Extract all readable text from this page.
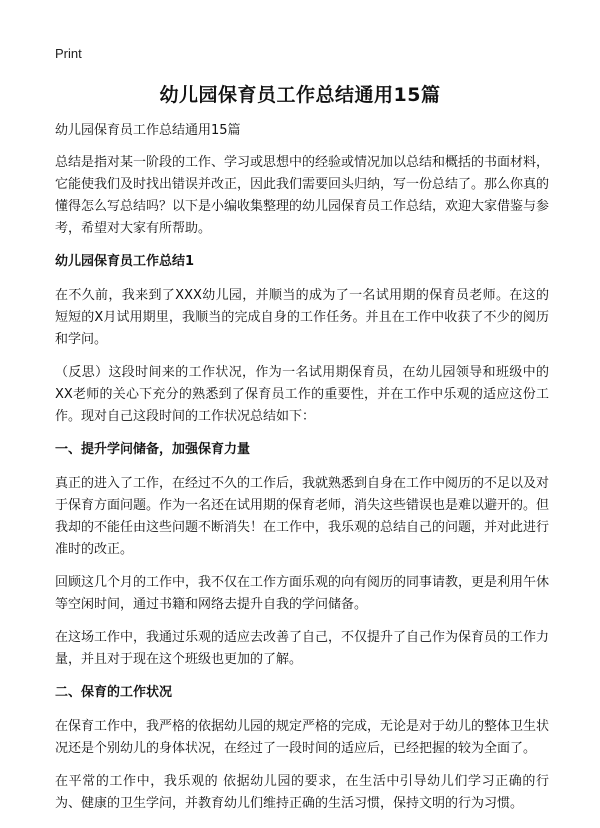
Print
幼儿园保育员工作总结通用15篇

幼儿园保育员工作总结通用15篇

总结是指对某一阶段的工作、学习或思想中的经验或情况加以总结和概括的书面材料，它能使我们及时找出错误并改正，因此我们需要回头归纳，写一份总结了。那么你真的懂得怎么写总结吗？以下是小编收集整理的幼儿园保育员工作总结，欢迎大家借鉴与参考，希望对大家有所帮助。

幼儿园保育员工作总结1

在不久前，我来到了XXX幼儿园，并顺当的成为了一名试用期的保育员老师。在这的短短的X月试用期里，我顺当的完成自身的工作任务。并且在工作中收获了不少的阅历和学问。

（反思）这段时间来的工作状况，作为一名试用期保育员，在幼儿园领导和班级中的XX老师的关心下充分的熟悉到了保育员工作的重要性，并在工作中乐观的适应这份工作。现对自己这段时间的工作状况总结如下：

一、提升学问储备，加强保育力量

真正的进入了工作，在经过不久的工作后，我就熟悉到自身在工作中阅历的不足以及对于保育方面问题。作为一名还在试用期的保育老师，消失这些错误也是难以避开的。但我却的不能任由这些问题不断消失！在工作中，我乐观的总结自己的问题，并对此进行准时的改正。

回顾这几个月的工作中，我不仅在工作方面乐观的向有阅历的同事请教，更是利用午休等空闲时间，通过书籍和网络去提升自我的学问储备。

在这场工作中，我通过乐观的适应去改善了自己，不仅提升了自己作为保育员的工作力量，并且对于现在这个班级也更加的了解。

二、保育的工作状况

在保育工作中，我严格的依据幼儿园的规定严格的完成，无论是对于幼儿的整体卫生状况还是个别幼儿的身体状况，在经过了一段时间的适应后，已经把握的较为全面了。

在平常的工作中，我乐观的 依据幼儿园的要求，在生活中引导幼儿们学习正确的行为、健康的卫生学问，并教育幼儿们维持正确的生活习惯，保持文明的行为习惯。
